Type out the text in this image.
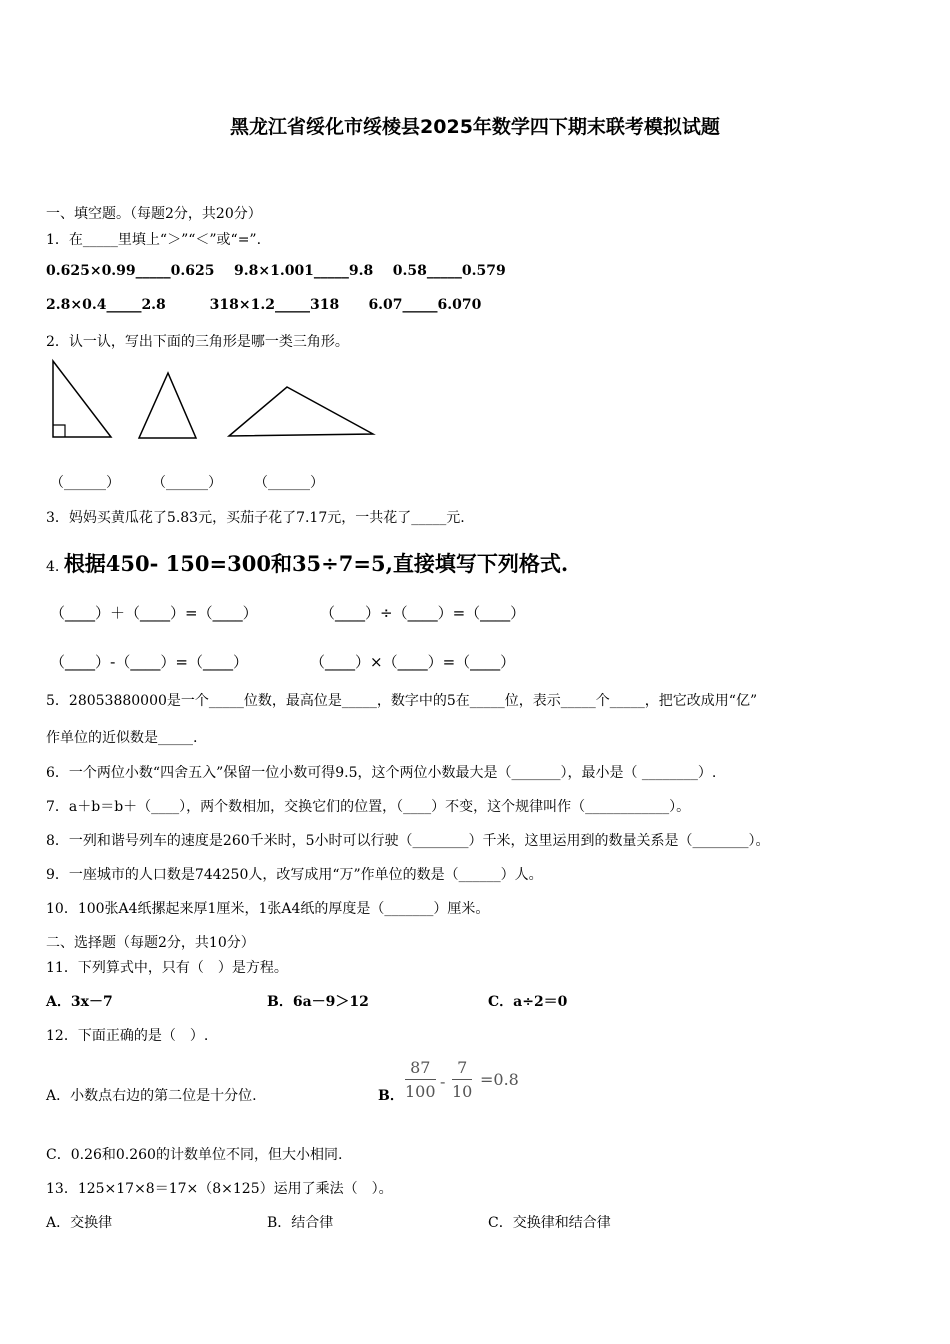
黑龙江省绥化市绥棱县2025年数学四下期末联考模拟试题
一、填空题。（每题2分，共20分）
1．在_____里填上“＞”“＜”或“=”.
0.625×0.99_____0.625    9.8×1.001_____9.8    0.58_____0.579
2.8×0.4_____2.8         318×1.2_____318      6.07_____6.070
2．认一认，写出下面的三角形是哪一类三角形。
（______） （______） （______）
3．妈妈买黄瓜花了5.83元，买茄子花了7.17元，一共花了_____元.
4. 根据450- 150=300和35÷7=5,直接填写下列格式.
（____）＋（____）=（____）	（____）÷（____）=（____）
（____）-（____）=（____）	（____）×（____）=（____）
5．28053880000是一个_____位数，最高位是_____，数字中的5在_____位，表示_____个_____，把它改成用“亿”
作单位的近似数是_____.
6．一个两位小数“四舍五入”保留一位小数可得9.5，这个两位小数最大是（_______），最小是（ ________）.
7．a＋b＝b＋（____），两个数相加，交换它们的位置，（____）不变，这个规律叫作（____________）。
8．一列和谐号列车的速度是260千米时，5小时可以行驶（________）千米，这里运用到的数量关系是（________）。
9．一座城市的人口数是744250人，改写成用“万”作单位的数是（______）人。
10．100张A4纸摞起来厚1厘米，1张A4纸的厚度是（_______）厘米。
二、选择题（每题2分，共10分）
11．下列算式中，只有（　）是方程。
A．3x－7	B．6a－9＞12	C．a÷2＝0
12．下面正确的是（　）.
A．小数点右边的第二位是十分位.	B．
87
100
-
7
10
=0.8
C．0.26和0.260的计数单位不同，但大小相同.
13．125×17×8＝17×（8×125）运用了乘法（　）。
A．交换律	B．结合律	C．交换律和结合律
